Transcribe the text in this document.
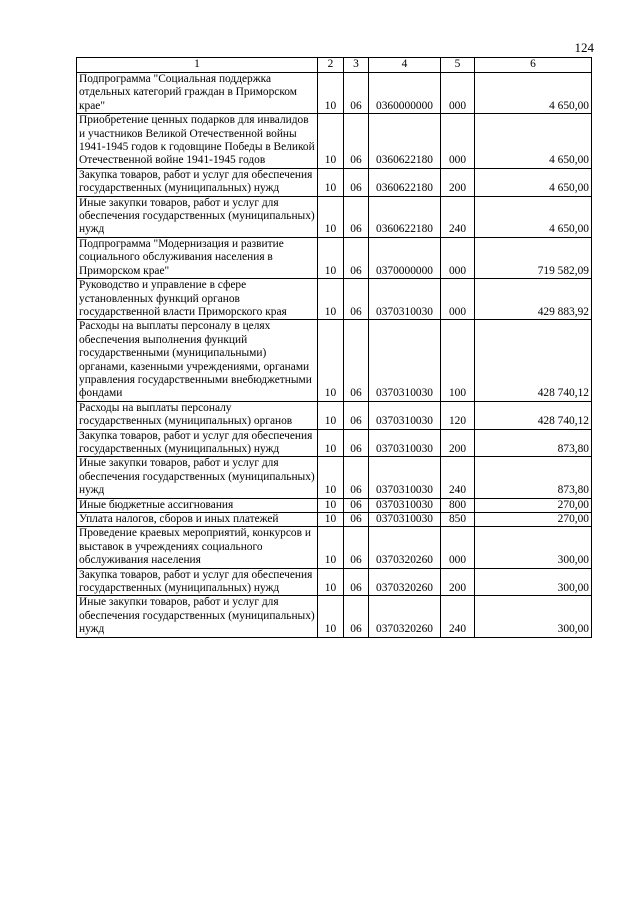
124
1	2	3	4	5	6
Подпрограмма "Социальная поддержка отдельных категорий граждан в Приморском крае"	10	06	0360000000	000	4 650,00
Приобретение ценных подарков для инвалидов и участников Великой Отечественной войны 1941-1945 годов к годовщине Победы в Великой Отечественной войне 1941-1945 годов	10	06	0360622180	000	4 650,00
Закупка товаров, работ и услуг для обеспечения государственных (муниципальных) нужд	10	06	0360622180	200	4 650,00
Иные закупки товаров, работ и услуг для обеспечения государственных (муниципальных) нужд	10	06	0360622180	240	4 650,00
Подпрограмма "Модернизация и развитие социального обслуживания населения в Приморском крае"	10	06	0370000000	000	719 582,09
Руководство и управление в сфере установленных функций органов государственной власти Приморского края	10	06	0370310030	000	429 883,92
Расходы на выплаты персоналу в целях обеспечения выполнения функций государственными (муниципальными) органами, казенными учреждениями, органами управления государственными внебюджетными фондами	10	06	0370310030	100	428 740,12
Расходы на выплаты персоналу государственных (муниципальных) органов	10	06	0370310030	120	428 740,12
Закупка товаров, работ и услуг для обеспечения государственных (муниципальных) нужд	10	06	0370310030	200	873,80
Иные закупки товаров, работ и услуг для обеспечения государственных (муниципальных) нужд	10	06	0370310030	240	873,80
Иные бюджетные ассигнования	10	06	0370310030	800	270,00
Уплата налогов, сборов и иных платежей	10	06	0370310030	850	270,00
Проведение краевых мероприятий, конкурсов и выставок в учреждениях социального обслуживания населения	10	06	0370320260	000	300,00
Закупка товаров, работ и услуг для обеспечения государственных (муниципальных) нужд	10	06	0370320260	200	300,00
Иные закупки товаров, работ и услуг для обеспечения государственных (муниципальных) нужд	10	06	0370320260	240	300,00
